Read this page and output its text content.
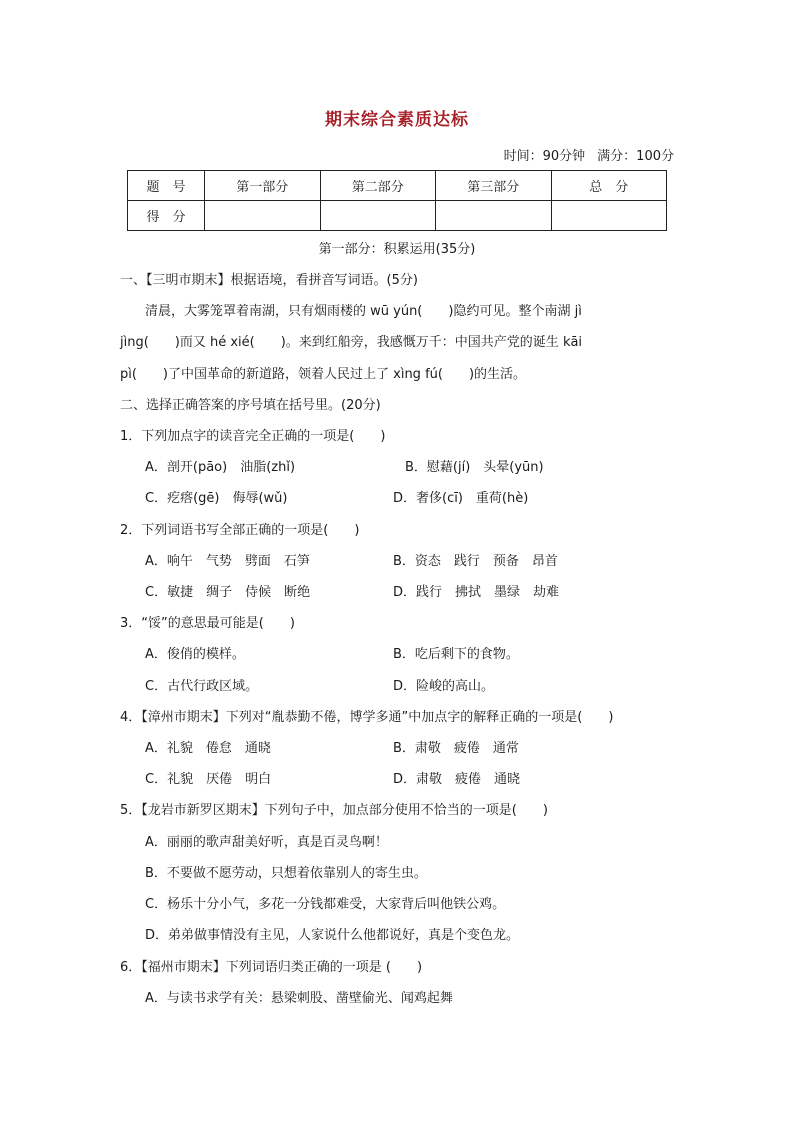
期末综合素质达标
时间：90分钟 满分：100分
题　号	第一部分	第二部分	第三部分	总　分
得　分				
第一部分：积累运用(35分)
一、【三明市期末】根据语境，看拼音写词语。(5分)
清晨，大雾笼罩着南湖，只有烟雨楼的 wū yún(　　)隐约可见。整个南湖 jì
jìng(　　)而又 hé xié(　　)。来到红船旁，我感慨万千：中国共产党的诞生 kāi
pì(　　)了中国革命的新道路，领着人民过上了 xìng fú(　　)的生活。
二、选择正确答案的序号填在括号里。(20分)
1．下列加点字的读音完全正确的一项是(　　)
A．剖开(pāo)　油脂(zhǐ)	B．慰藉(jí)　头晕(yūn)
C．疙瘩(gē)　侮辱(wǔ)	D．奢侈(cī)　重荷(hè)
2．下列词语书写全部正确的一项是(　　)
A．响午　气势　劈面　石笋	B．资态　践行　预备　昂首
C．敏捷　绸子　侍候　断绝	D．践行　拂拭　墨绿　劫难
3．“馁”的意思最可能是(　　)
A．俊俏的模样。	B．吃后剩下的食物。
C．古代行政区域。	D．险峻的高山。
4．【漳州市期末】下列对“胤恭勤不倦，博学多通”中加点字的解释正确的一项是(　　)
A．礼貌　倦怠　通晓	B．肃敬　疲倦　通常
C．礼貌　厌倦　明白	D．肃敬　疲倦　通晓
5．【龙岩市新罗区期末】下列句子中，加点部分使用不恰当的一项是(　　)
A．丽丽的歌声甜美好听，真是百灵鸟啊！
B．不要做不愿劳动，只想着依靠别人的寄生虫。
C．杨乐十分小气，多花一分钱都难受，大家背后叫他铁公鸡。
D．弟弟做事情没有主见，人家说什么他都说好，真是个变色龙。
6．【福州市期末】下列词语归类正确的一项是 (　　)
A．与读书求学有关：悬梁刺股、凿壁偷光、闻鸡起舞
